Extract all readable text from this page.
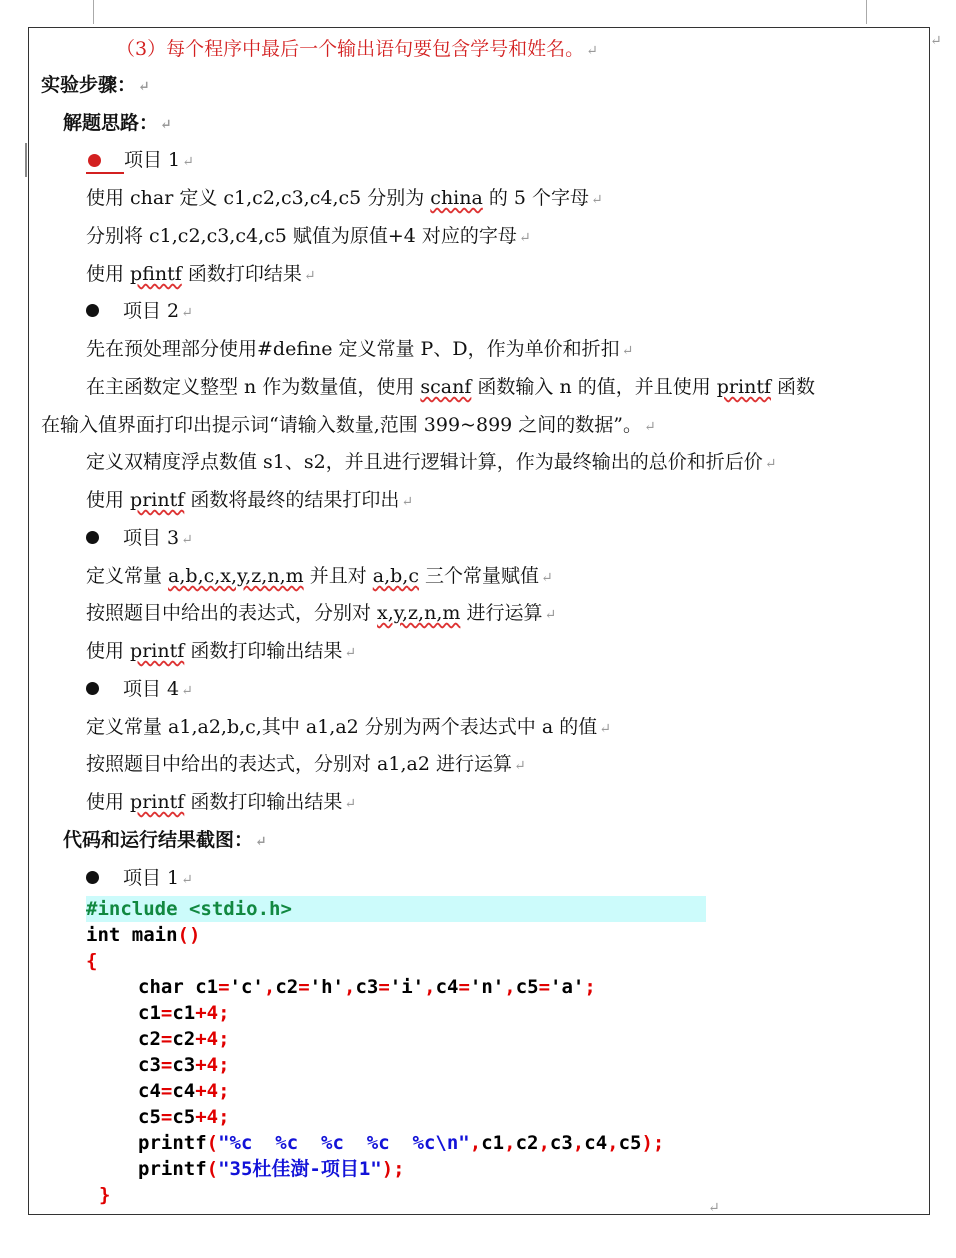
↵
（3）每个程序中最后一个输出语句要包含学号和姓名。 ↵
实验步骤： ↵
解题思路： ↵
项目 1 ↵
使用 char 定义 c1,c2,c3,c4,c5 分别为 china 的 5 个字母 ↵
分别将 c1,c2,c3,c4,c5 赋值为原值+4 对应的字母 ↵
使用 pfintf 函数打印结果 ↵
项目 2 ↵
先在预处理部分使用#define 定义常量 P、D，作为单价和折扣 ↵
在主函数定义整型 n 作为数量值，使用 scanf 函数输入 n 的值，并且使用 printf 函数
在输入值界面打印出提示词“请输入数量,范围 399~899 之间的数据”。 ↵
定义双精度浮点数值 s1、s2，并且进行逻辑计算，作为最终输出的总价和折后价 ↵
使用 printf 函数将最终的结果打印出 ↵
项目 3 ↵
定义常量 a,b,c,x,y,z,n,m 并且对 a,b,c 三个常量赋值 ↵
按照题目中给出的表达式，分别对 x,y,z,n,m 进行运算 ↵
使用 printf 函数打印输出结果 ↵
项目 4 ↵
定义常量 a1,a2,b,c,其中 a1,a2 分别为两个表达式中 a 的值 ↵
按照题目中给出的表达式，分别对 a1,a2 进行运算 ↵
使用 printf 函数打印输出结果 ↵
代码和运行结果截图： ↵
项目 1 ↵
#include <stdio.h>
int main()
{
char c1='c',c2='h',c3='i',c4='n',c5='a';
c1=c1+4;
c2=c2+4;
c3=c3+4;
c4=c4+4;
c5=c5+4;
printf("%c  %c  %c  %c  %c\n",c1,c2,c3,c4,c5);
printf("35杜佳澍-项目1");
}
↵
